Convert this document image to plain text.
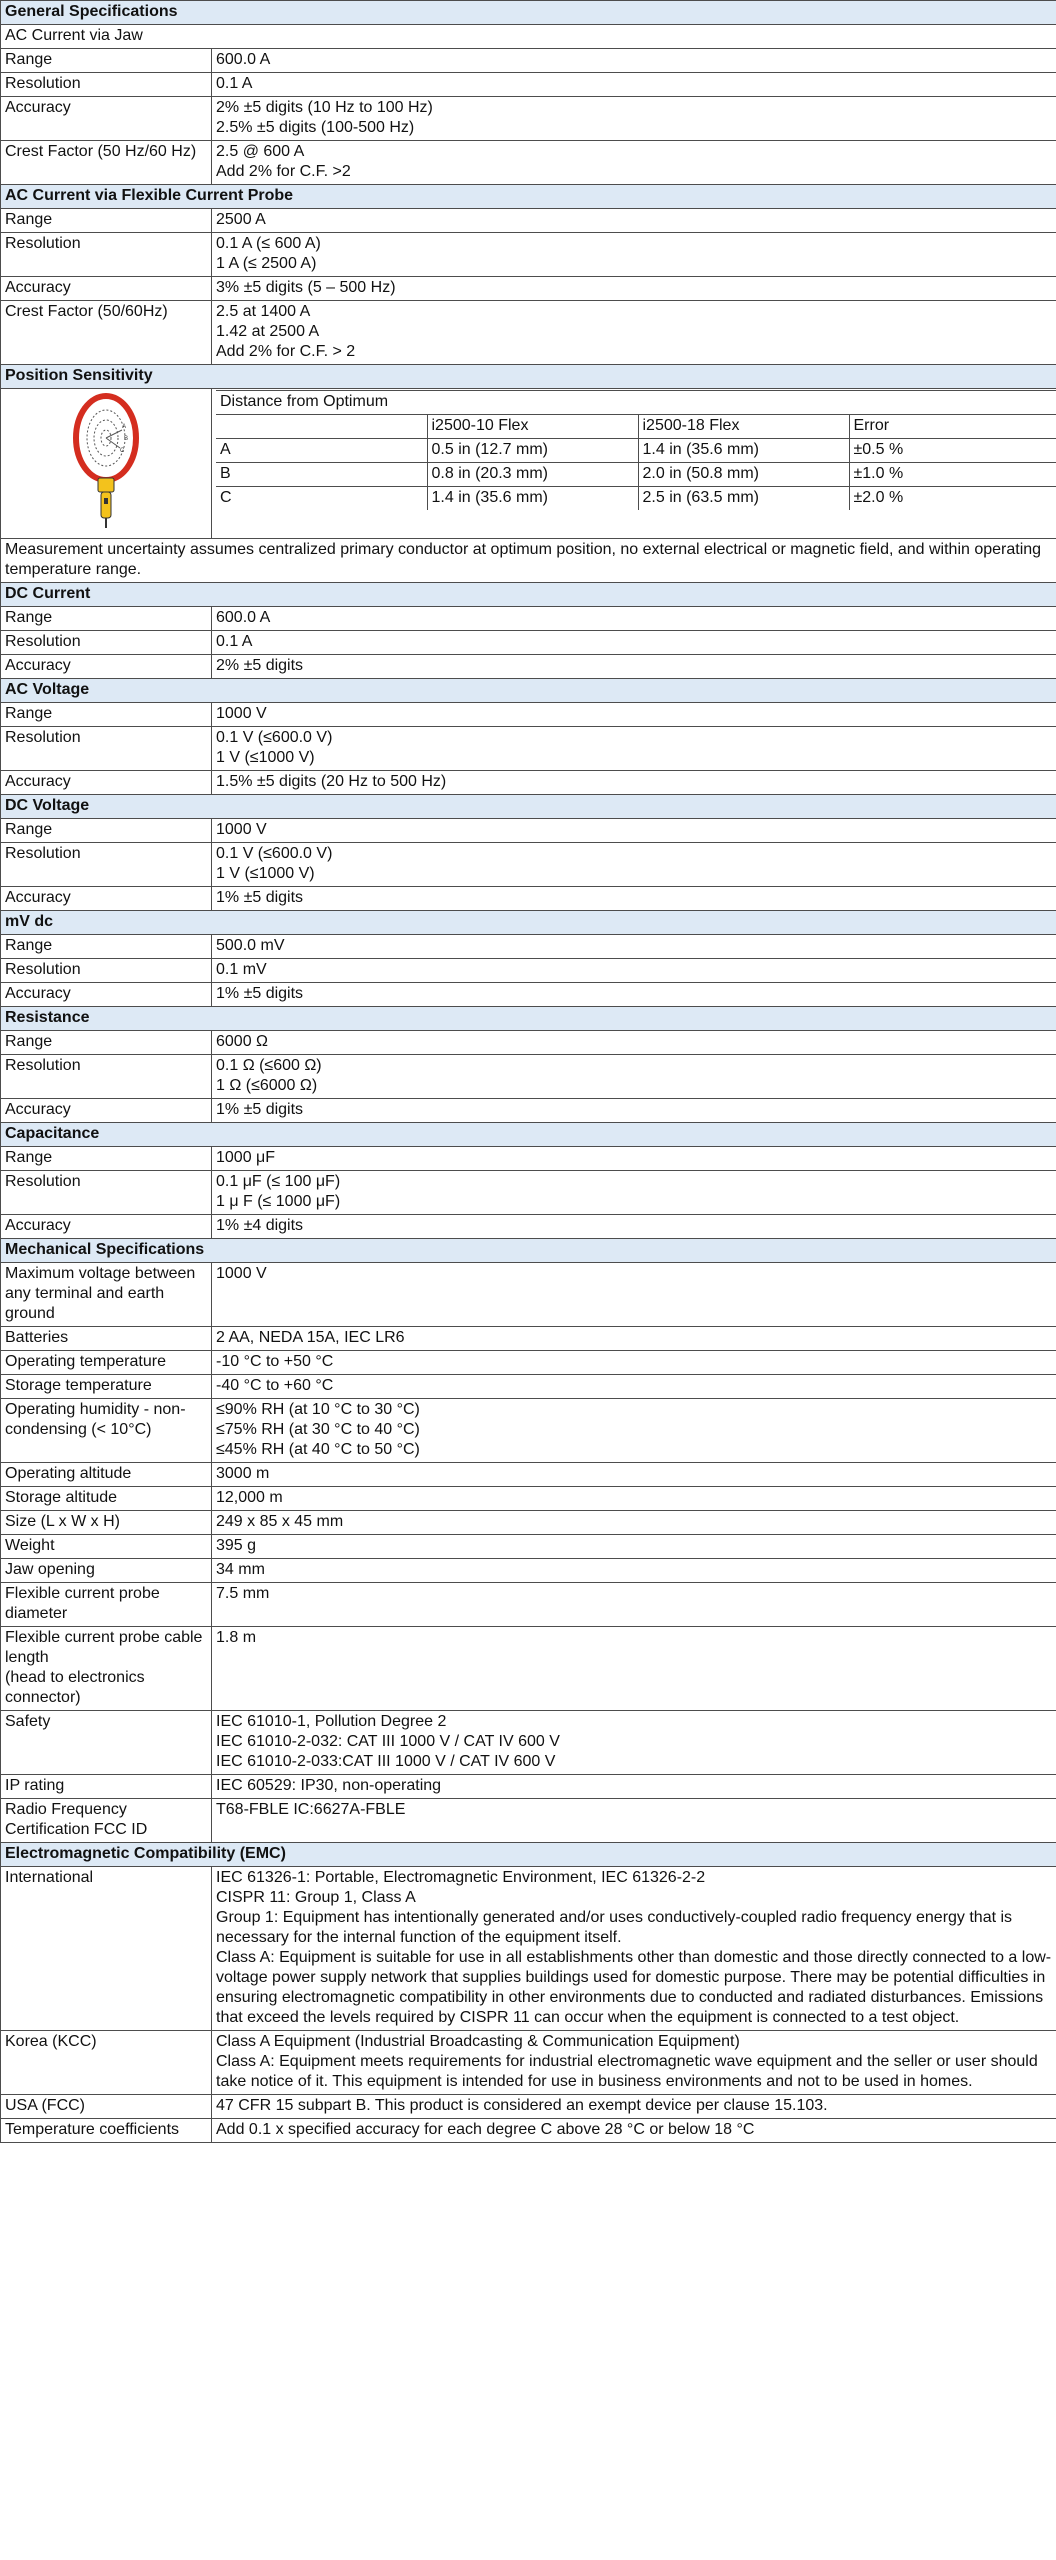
General Specifications
AC Current via Jaw
Range	600.0 A
Resolution	0.1 A
Accuracy	2% ±5 digits (10 Hz to 100 Hz)
2.5% ±5 digits (100-500 Hz)
Crest Factor (50 Hz/60 Hz)	2.5 @ 600 A
Add 2% for C.F. >2
AC Current via Flexible Current Probe
Range	2500 A
Resolution	0.1 A (≤ 600 A)
1 A (≤ 2500 A)
Accuracy	3% ±5 digits (5 – 500 Hz)
Crest Factor (50/60Hz)	2.5 at 1400 A
1.42 at 2500 A
Add 2% for C.F. > 2
Position Sensitivity

A
B
C

Distance from Optimum
	i2500-10 Flex	i2500-18 Flex	Error
A	0.5 in (12.7 mm)	1.4 in (35.6 mm)	±0.5 %
B	0.8 in (20.3 mm)	2.0 in (50.8 mm)	±1.0 %
C	1.4 in (35.6 mm)	2.5 in (63.5 mm)	±2.0 %

Measurement uncertainty assumes centralized primary conductor at optimum position, no external electrical or magnetic field, and within operating temperature range.
DC Current
Range	600.0 A
Resolution	0.1 A
Accuracy	2% ±5 digits
AC Voltage
Range	1000 V
Resolution	0.1 V (≤600.0 V)
1 V (≤1000 V)
Accuracy	1.5% ±5 digits (20 Hz to 500 Hz)
DC Voltage
Range	1000 V
Resolution	0.1 V (≤600.0 V)
1 V (≤1000 V)
Accuracy	1% ±5 digits
mV dc
Range	500.0 mV
Resolution	0.1 mV
Accuracy	1% ±5 digits
Resistance
Range	6000 Ω
Resolution	0.1 Ω (≤600 Ω)
1 Ω (≤6000 Ω)
Accuracy	1% ±5 digits
Capacitance
Range	1000 μF
Resolution	0.1 μF (≤ 100 μF)
1 μ F (≤ 1000 μF)
Accuracy	1% ±4 digits
Mechanical Specifications
Maximum voltage between any terminal and earth ground	1000 V
Batteries	2 AA, NEDA 15A, IEC LR6
Operating temperature	-10 °C to +50 °C
Storage temperature	-40 °C to +60 °C
Operating humidity - non-condensing (< 10°C)	≤90% RH (at 10 °C to 30 °C)
≤75% RH (at 30 °C to 40 °C)
≤45% RH (at 40 °C to 50 °C)
Operating altitude	3000 m
Storage altitude	12,000 m
Size (L x W x H)	249 x 85 x 45 mm
Weight	395 g
Jaw opening	34 mm
Flexible current probe diameter	7.5 mm
Flexible current probe cable length
(head to electronics connector)	1.8 m
Safety	IEC 61010-1, Pollution Degree 2
IEC 61010-2-032: CAT III 1000 V / CAT IV 600 V
IEC 61010-2-033:CAT III 1000 V / CAT IV 600 V
IP rating	IEC 60529: IP30, non-operating
Radio Frequency Certification FCC ID	T68-FBLE IC:6627A-FBLE
Electromagnetic Compatibility (EMC)
International	IEC 61326-1: Portable, Electromagnetic Environment, IEC 61326-2-2
CISPR 11: Group 1, Class A
Group 1: Equipment has intentionally generated and/or uses conductively-coupled radio frequency energy that is necessary for the internal function of the equipment itself.
Class A: Equipment is suitable for use in all establishments other than domestic and those directly connected to a low-voltage power supply network that supplies buildings used for domestic purpose. There may be potential difficulties in ensuring electromagnetic compatibility in other environments due to conducted and radiated disturbances. Emissions that exceed the levels required by CISPR 11 can occur when the equipment is connected to a test object.
Korea (KCC)	Class A Equipment (Industrial Broadcasting & Communication Equipment)
Class A: Equipment meets requirements for industrial electromagnetic wave equipment and the seller or user should take notice of it. This equipment is intended for use in business environments and not to be used in homes.
USA (FCC)	47 CFR 15 subpart B. This product is considered an exempt device per clause 15.103.
Temperature coefficients	Add 0.1 x specified accuracy for each degree C above 28 °C or below 18 °C
